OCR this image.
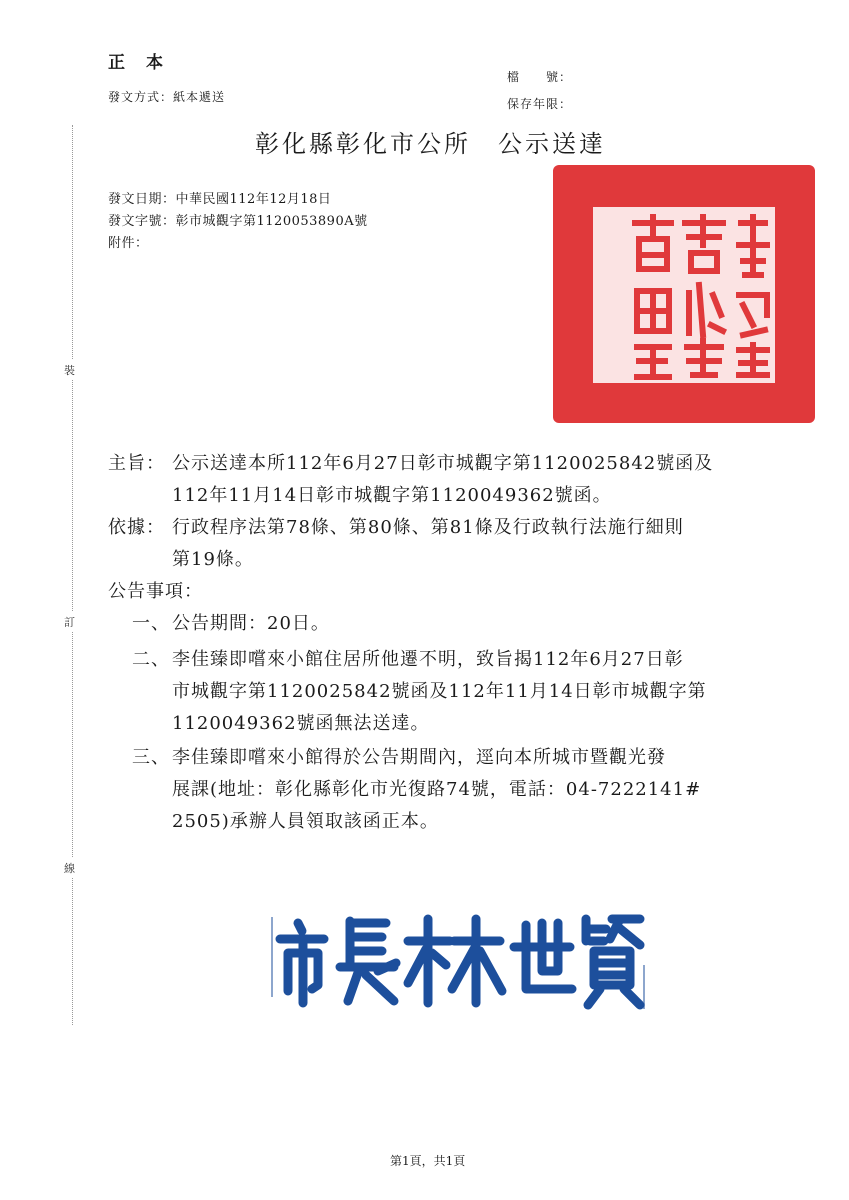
裝
訂
線
正　本
發文方式：紙本遞送
檔　　號：
保存年限：
彰化縣彰化市公所　公示送達
發文日期：中華民國112年12月18日
發文字號：彰市城觀字第1120053890A號
附件：
主旨： 公示送達本所112年6月27日彰市城觀字第1120025842號函及
112年11月14日彰市城觀字第1120049362號函。
依據： 行政程序法第78條、第80條、第81條及行政執行法施行細則
第19條。
公告事項：
一、 公告期間：20日。
二、 李佳臻即嚐來小館住居所他遷不明，致旨揭112年6月27日彰
市城觀字第1120025842號函及112年11月14日彰市城觀字第
1120049362號函無法送達。
三、 李佳臻即嚐來小館得於公告期間內，逕向本所城市暨觀光發
展課(地址：彰化縣彰化市光復路74號，電話：04-7222141#
2505)承辦人員領取該函正本。
第1頁，共1頁
